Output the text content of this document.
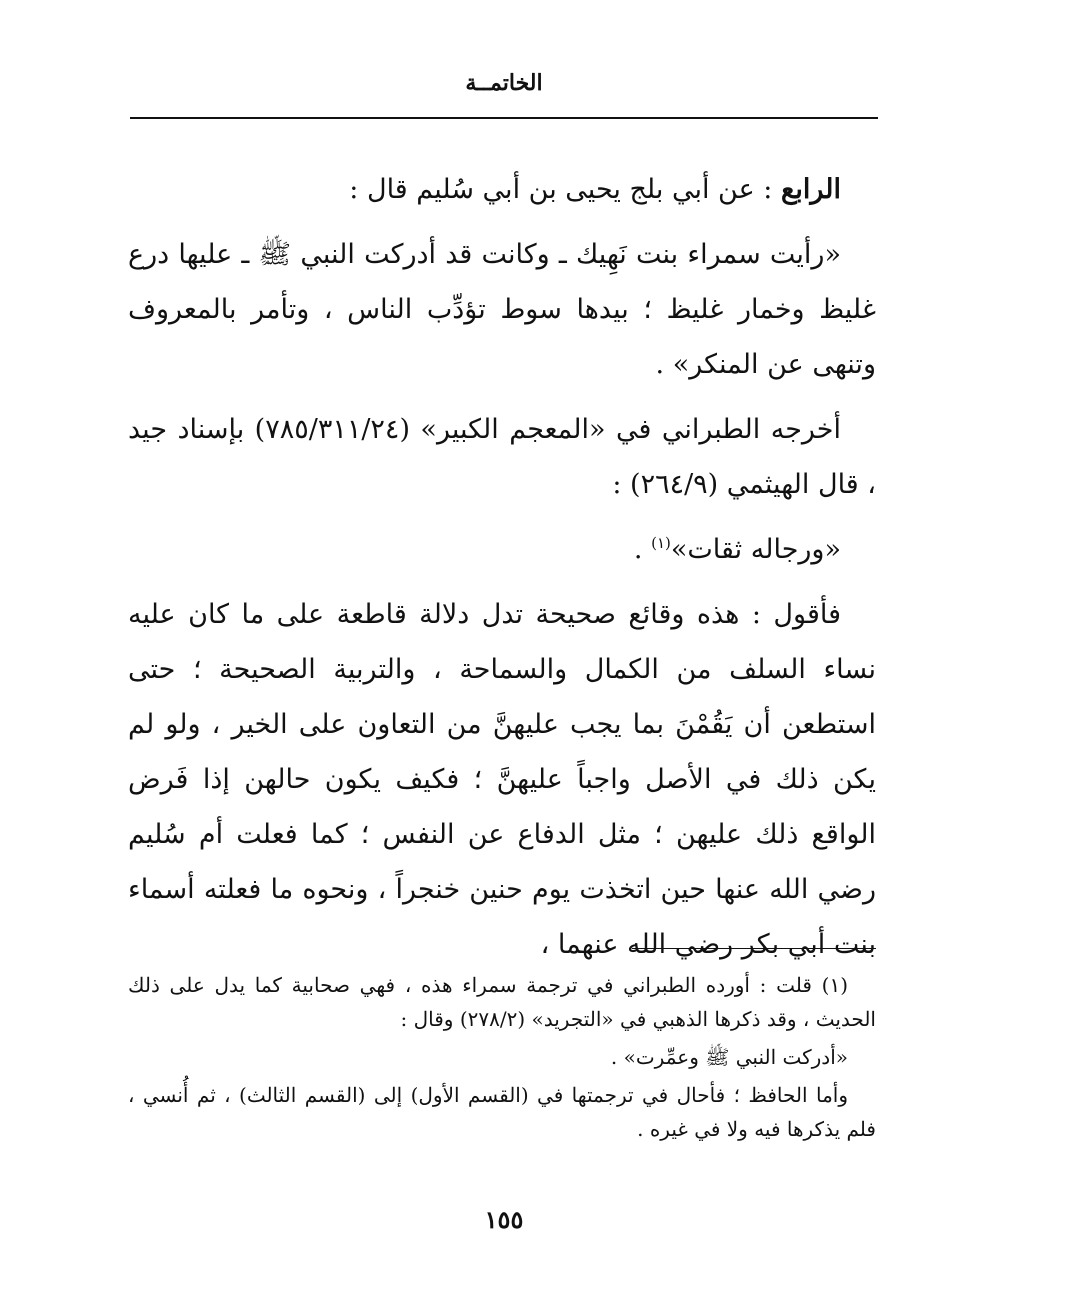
الخاتمــة

الرابع : عن أبي بلج يحيى بن أبي سُليم قال :

«رأيت سمراء بنت نَهِيك ـ وكانت قد أدركت النبي ﷺ ـ عليها درع غليظ وخمار غليظ ؛ بيدها سوط تؤدِّب الناس ، وتأمر بالمعروف وتنهى عن المنكر» .

أخرجه الطبراني في «المعجم الكبير» (٧٨٥/٣١١/٢٤) بإسناد جيد ، قال الهيثمي (٢٦٤/٩) :

«ورجاله ثقات»$^{(١)}$ .

فأقول : هذه وقائع صحيحة تدل دلالة قاطعة على ما كان عليه نساء السلف من الكمال والسماحة ، والتربية الصحيحة ؛ حتى استطعن أن يَقُمْنَ بما يجب عليهنَّ من التعاون على الخير ، ولو لم يكن ذلك في الأصل واجباً عليهنَّ ؛ فكيف يكون حالهن إذا فَرض الواقع ذلك عليهن ؛ مثل الدفاع عن النفس ؛ كما فعلت أم سُليم رضي الله عنها حين اتخذت يوم حنين خنجراً ، ونحوه ما فعلته أسماء بنت أبي بكر رضي الله عنهما ،

(١) قلت : أورده الطبراني في ترجمة سمراء هذه ، فهي صحابية كما يدل على ذلك الحديث ، وقد ذكرها الذهبي في «التجريد» (٢٧٨/٢) وقال :

«أدركت النبي ﷺ وعمِّرت» .

وأما الحافظ ؛ فأحال في ترجمتها في (القسم الأول) إلى (القسم الثالث) ، ثم أُنسي ، فلم يذكرها فيه ولا في غيره .

١٥٥
